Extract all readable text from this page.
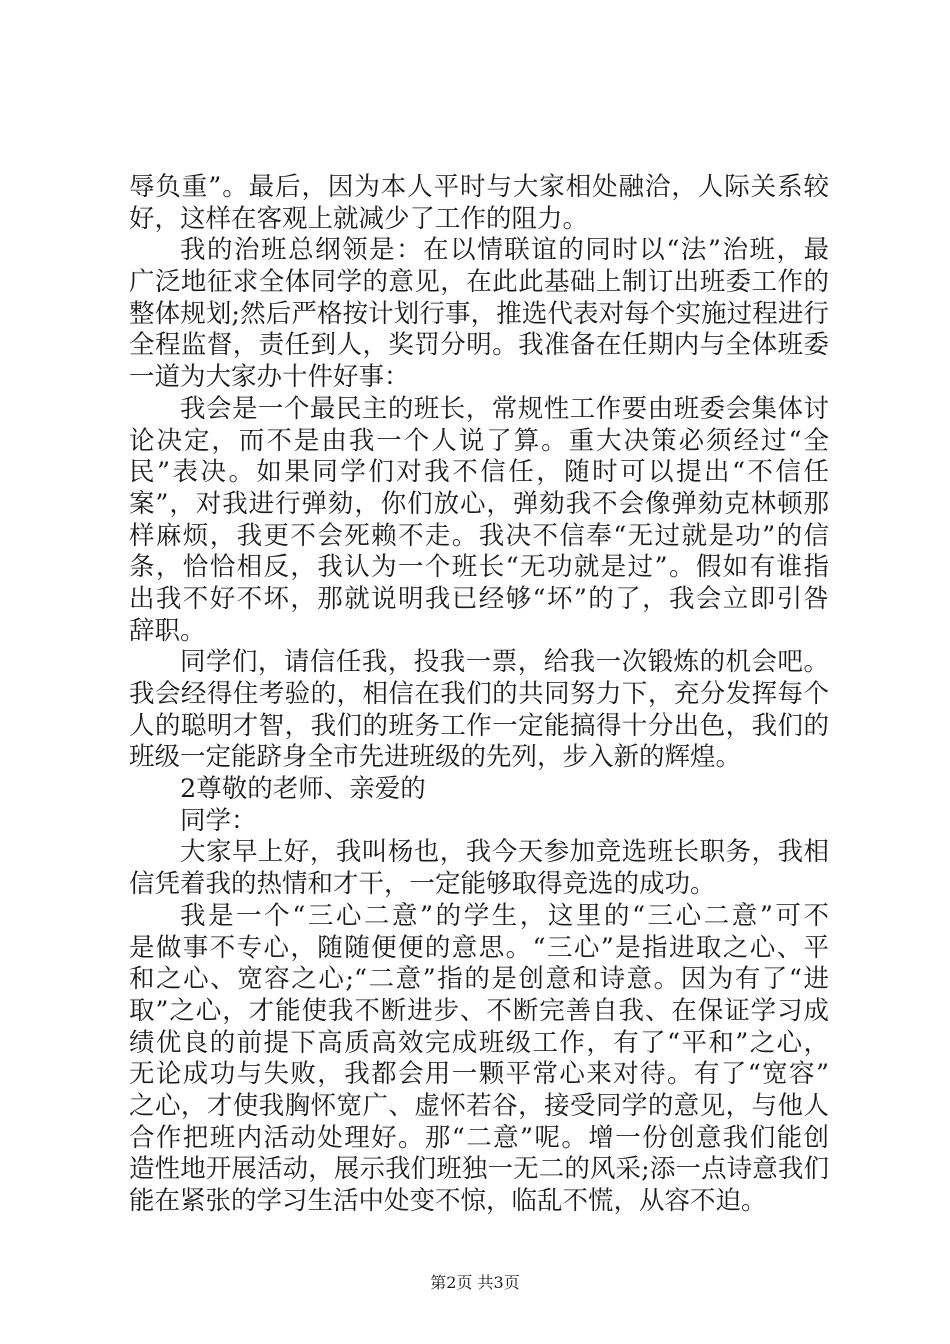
辱负重”。最后，因为本人平时与大家相处融洽，人际关系较
好，这样在客观上就减少了工作的阻力。
我的治班总纲领是：在以情联谊的同时以“法”治班，最
广泛地征求全体同学的意见，在此此基础上制订出班委工作的
整体规划;然后严格按计划行事，推选代表对每个实施过程进行
全程监督，责任到人，奖罚分明。我准备在任期内与全体班委
一道为大家办十件好事：
我会是一个最民主的班长，常规性工作要由班委会集体讨
论决定，而不是由我一个人说了算。重大决策必须经过“全
民”表决。如果同学们对我不信任，随时可以提出“不信任
案”，对我进行弹劾，你们放心，弹劾我不会像弹劾克林顿那
样麻烦，我更不会死赖不走。我决不信奉“无过就是功”的信
条，恰恰相反，我认为一个班长“无功就是过”。假如有谁指
出我不好不坏，那就说明我已经够“坏”的了，我会立即引咎
辞职。
同学们，请信任我，投我一票，给我一次锻炼的机会吧。
我会经得住考验的，相信在我们的共同努力下，充分发挥每个
人的聪明才智，我们的班务工作一定能搞得十分出色，我们的
班级一定能跻身全市先进班级的先列，步入新的辉煌。
2尊敬的老师、亲爱的
同学：
大家早上好，我叫杨也，我今天参加竞选班长职务，我相
信凭着我的热情和才干，一定能够取得竞选的成功。
我是一个“三心二意”的学生，这里的“三心二意”可不
是做事不专心，随随便便的意思。“三心”是指进取之心、平
和之心、宽容之心;“二意”指的是创意和诗意。因为有了“进
取”之心，才能使我不断进步、不断完善自我、在保证学习成
绩优良的前提下高质高效完成班级工作，有了“平和”之心，
无论成功与失败，我都会用一颗平常心来对待。有了“宽容”
之心，才使我胸怀宽广、虚怀若谷，接受同学的意见，与他人
合作把班内活动处理好。那“二意”呢。增一份创意我们能创
造性地开展活动，展示我们班独一无二的风采;添一点诗意我们
能在紧张的学习生活中处变不惊，临乱不慌，从容不迫。
第2页 共3页
